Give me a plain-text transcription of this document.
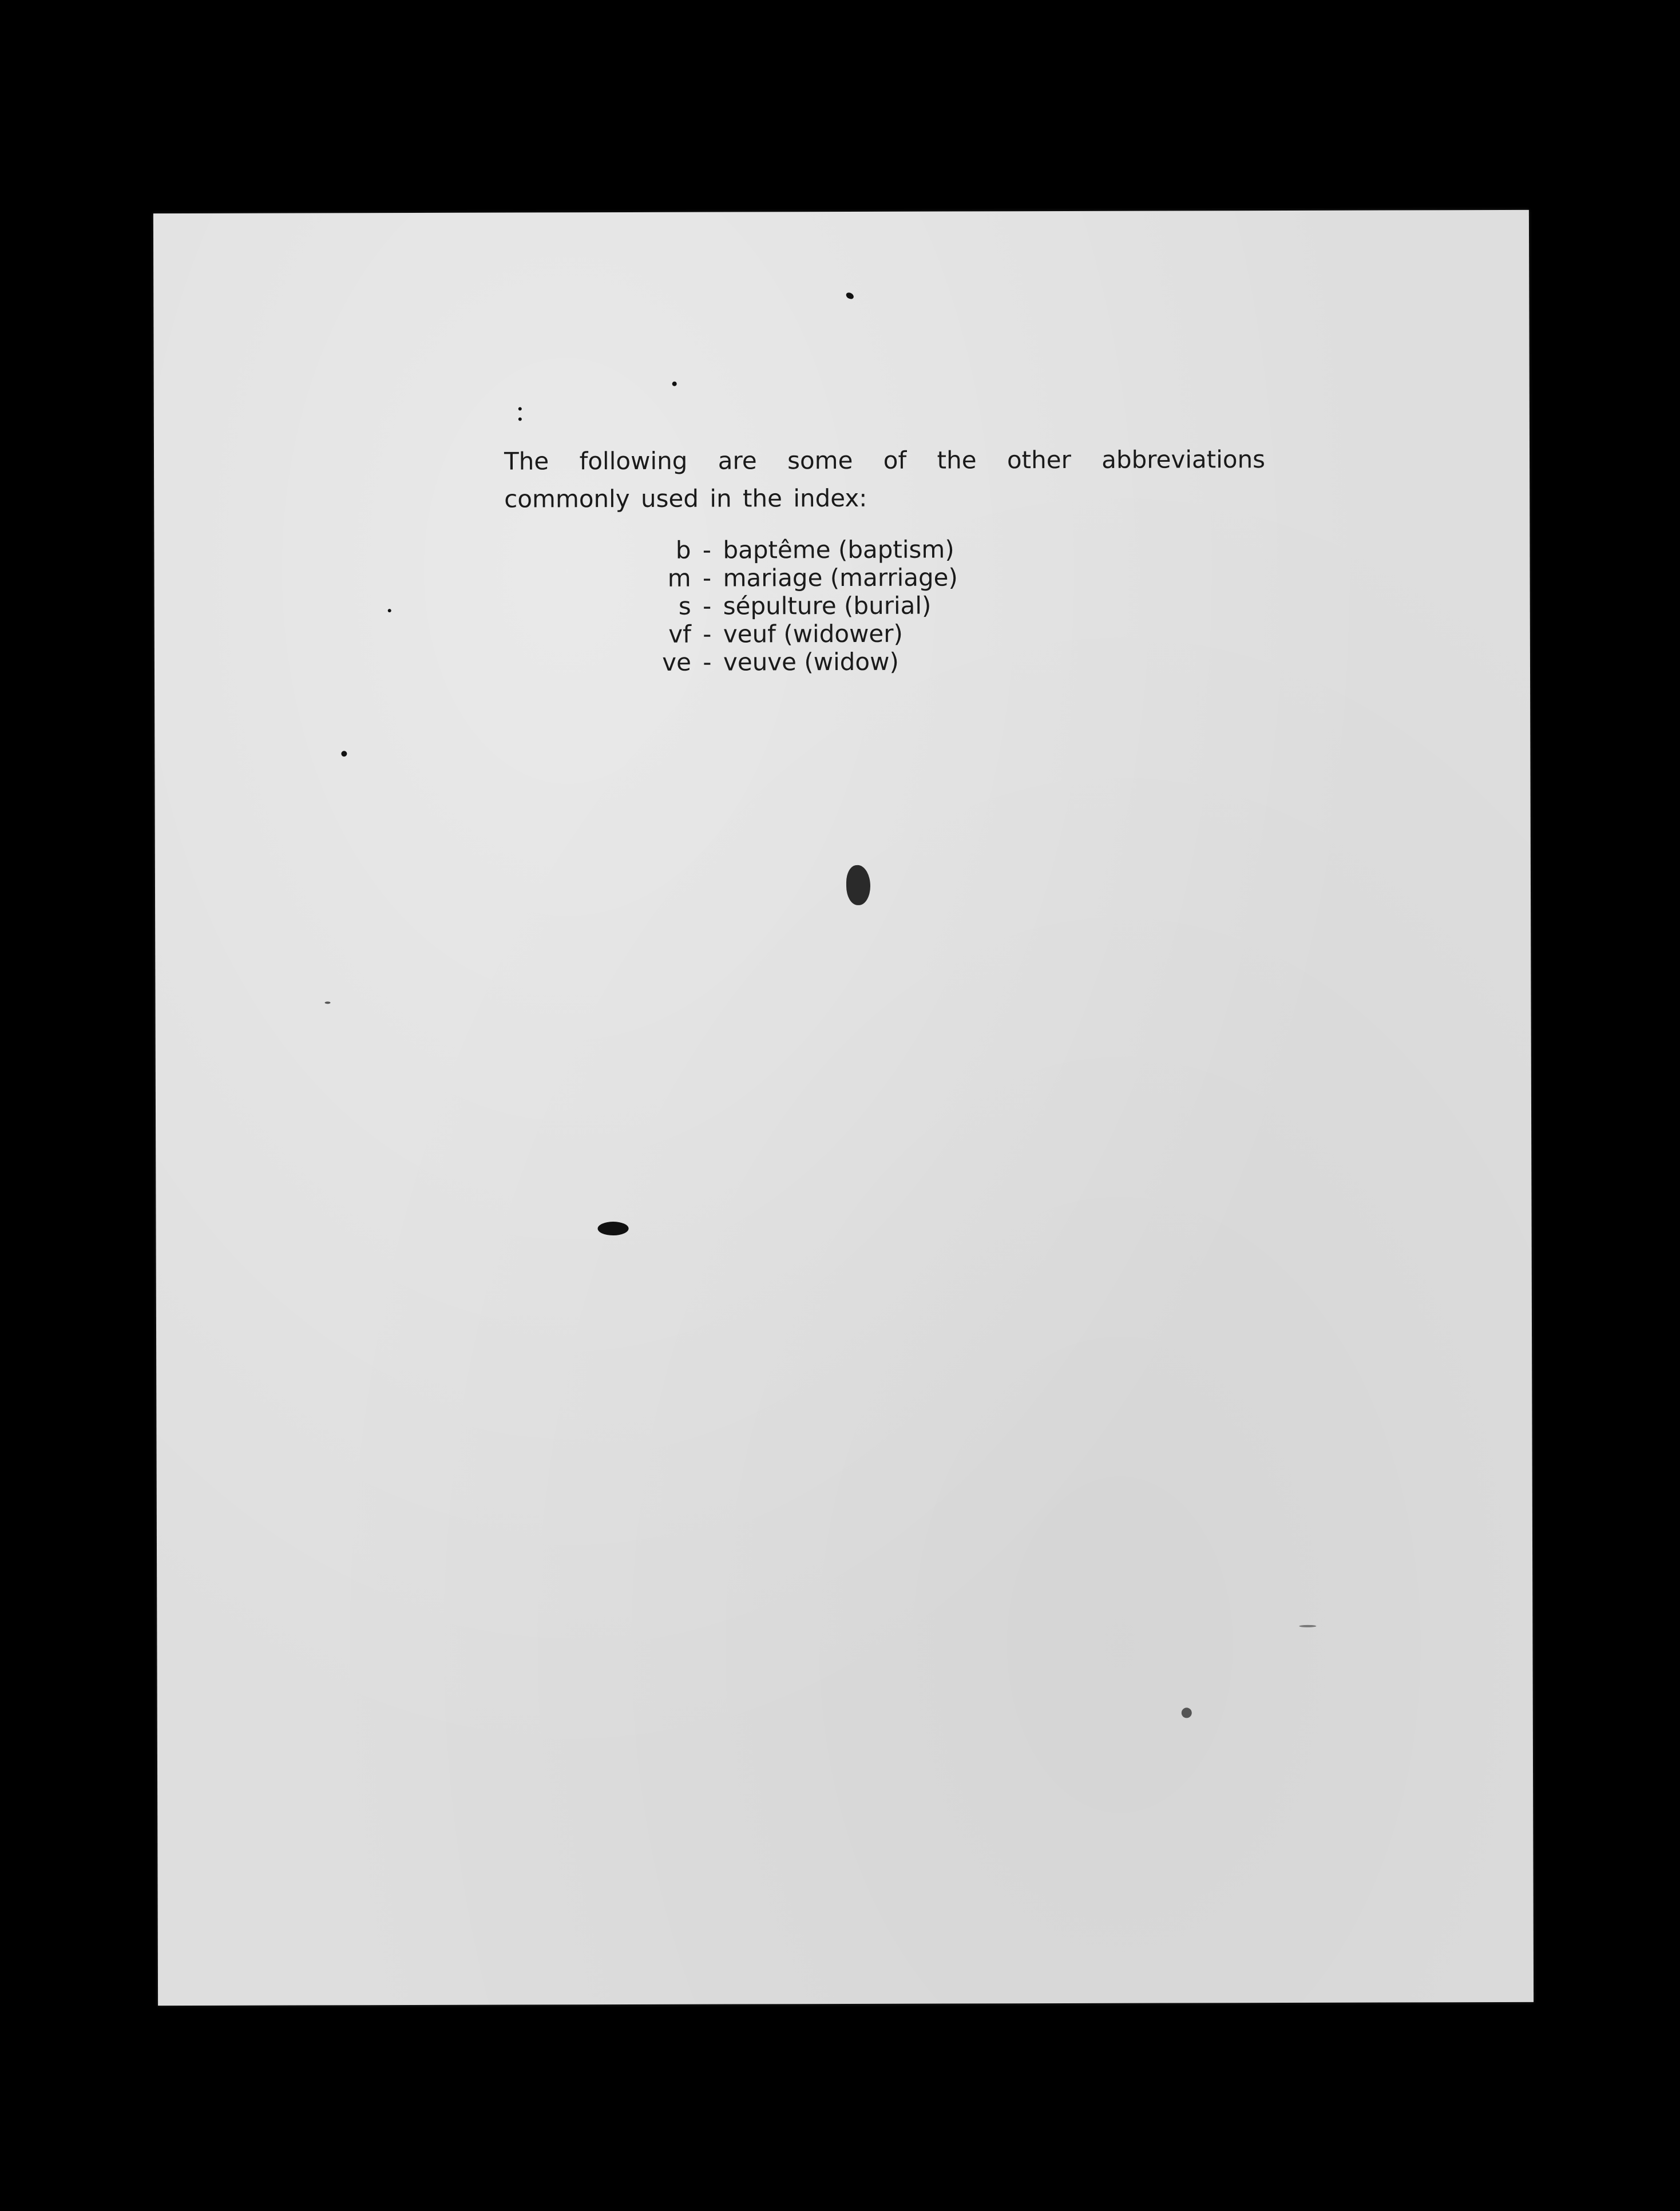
The following are some of the other abbreviations commonly used in the index:

b - baptême (baptism)
m - mariage (marriage)
s - sépulture (burial)
vf - veuf (widower)
ve - veuve (widow)
